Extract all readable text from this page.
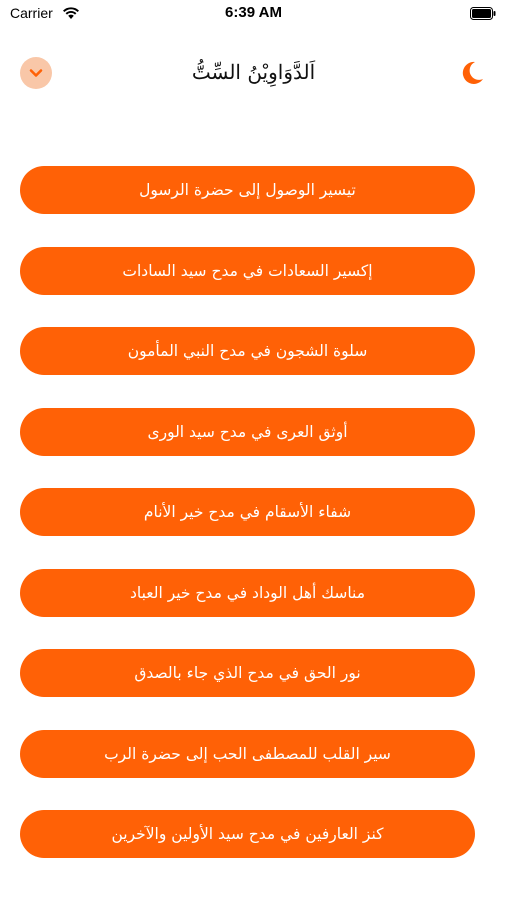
Carrier	6:39 AM
اَلدَّوَاوِيْنُ السِّتُّ
تيسير الوصول إلى حضرة الرسول
إكسير السعادات في مدح سيد السادات
سلوة الشجون في مدح النبي المأمون
أوثق العرى في مدح سيد الورى
شفاء الأسقام في مدح خير الأنام
مناسك أهل الوداد في مدح خير العباد
نور الحق في مدح الذي جاء بالصدق
سير القلب للمصطفى الحب إلى حضرة الرب
كنز العارفين في مدح سيد الأولين والآخرين
